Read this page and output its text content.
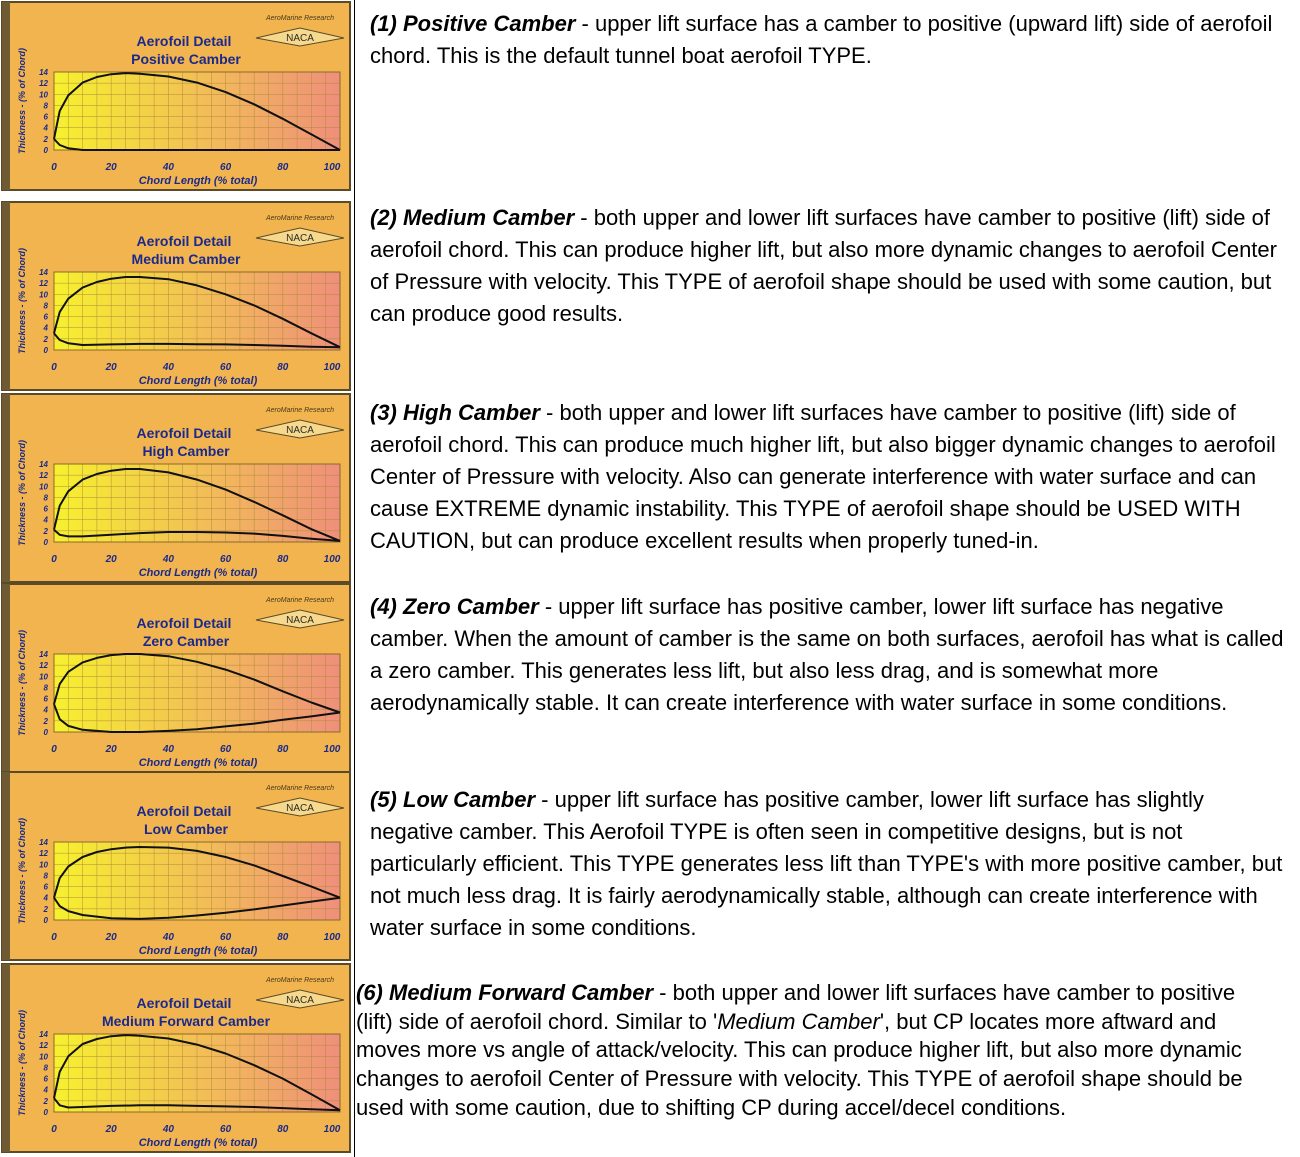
Aerofoil Detail
Positive Camber
AeroMarine Research
NACA
14
12
10
8
6
4
2
0
0	20	40	60	80	100
Chord Length (% total)
Thickness - (% of Chord)
Aerofoil Detail
Medium Camber
AeroMarine Research
NACA
14
12
10
8
6
4
2
0
0	20	40	60	80	100
Chord Length (% total)
Thickness - (% of Chord)
Aerofoil Detail
High Camber
AeroMarine Research
NACA
14
12
10
8
6
4
2
0
0	20	40	60	80	100
Chord Length (% total)
Thickness - (% of Chord)
Aerofoil Detail
Zero Camber
AeroMarine Research
NACA
14
12
10
8
6
4
2
0
0	20	40	60	80	100
Chord Length (% total)
Thickness - (% of Chord)
Aerofoil Detail
Low Camber
AeroMarine Research
NACA
14
12
10
8
6
4
2
0
0	20	40	60	80	100
Chord Length (% total)
Thickness - (% of Chord)
Aerofoil Detail
Medium Forward Camber
AeroMarine Research
NACA
14
12
10
8
6
4
2
0
0	20	40	60	80	100
Chord Length (% total)
Thickness - (% of Chord)

(1) Positive Camber - upper lift surface has a camber to positive (upward lift) side of aerofoil chord. This is the default tunnel boat aerofoil TYPE.

(2) Medium Camber - both upper and lower lift surfaces have camber to positive (lift) side of aerofoil chord. This can produce higher lift, but also more dynamic changes to aerofoil Center of Pressure with velocity. This TYPE of aerofoil shape should be used with some caution, but can produce good results.

(3) High Camber - both upper and lower lift surfaces have camber to positive (lift) side of aerofoil chord. This can produce much higher lift, but also bigger dynamic changes to aerofoil Center of Pressure with velocity. Also can generate interference with water surface and can cause EXTREME dynamic instability. This TYPE of aerofoil shape should be USED WITH CAUTION, but can produce excellent results when properly tuned-in.

(4) Zero Camber - upper lift surface has positive camber, lower lift surface has negative camber. When the amount of camber is the same on both surfaces, aerofoil has what is called a zero camber. This generates less lift, but also less drag, and is somewhat more aerodynamically stable. It can create interference with water surface in some conditions.

(5) Low Camber - upper lift surface has positive camber, lower lift surface has slightly negative camber. This Aerofoil TYPE is often seen in competitive designs, but is not particularly efficient. This TYPE generates less lift than TYPE's with more positive camber, but not much less drag. It is fairly aerodynamically stable, although can create interference with water surface in some conditions.

(6) Medium Forward Camber - both upper and lower lift surfaces have camber to positive (lift) side of aerofoil chord. Similar to 'Medium Camber', but CP locates more aftward and moves more vs angle of attack/velocity. This can produce higher lift, but also more dynamic changes to aerofoil Center of Pressure with velocity. This TYPE of aerofoil shape should be used with some caution, due to shifting CP during accel/decel conditions.
